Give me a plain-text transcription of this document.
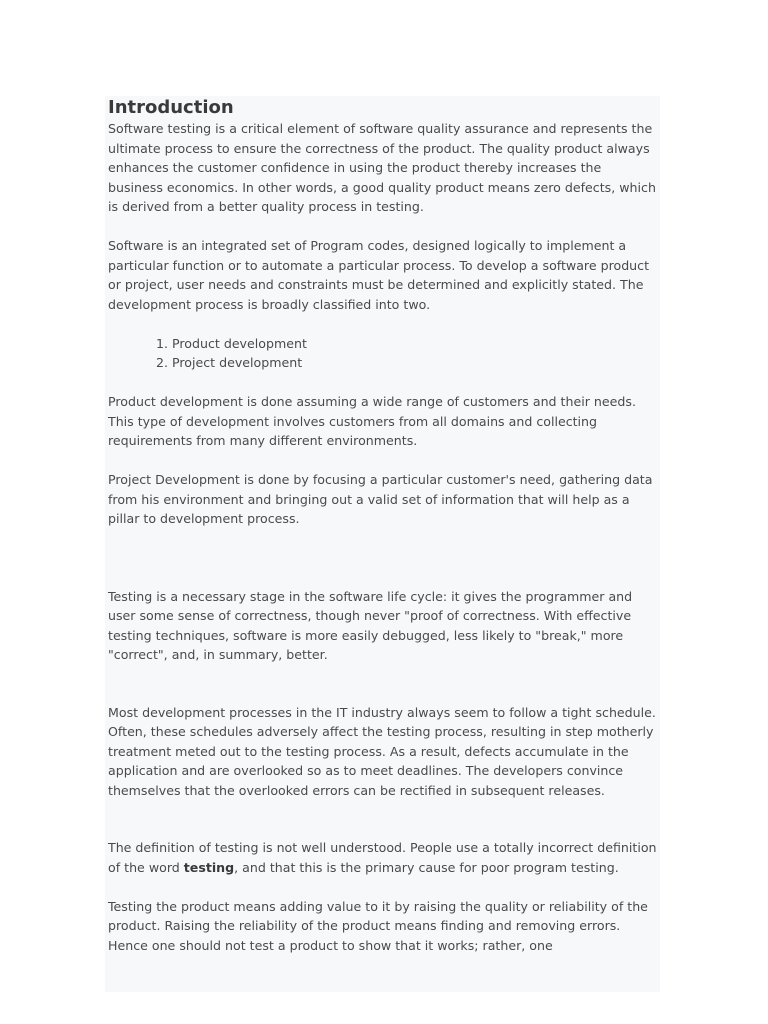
Introduction

Software testing is a critical element of software quality assurance and represents the ultimate process to ensure the correctness of the product. The quality product always enhances the customer confidence in using the product thereby increases the business economics. In other words, a good quality product means zero defects, which is derived from a better quality process in testing.

Software is an integrated set of Program codes, designed logically to implement a particular function or to automate a particular process. To develop a software product or project, user needs and constraints must be determined and explicitly stated. The development process is broadly classified into two.

1. Product development
2. Project development

Product development is done assuming a wide range of customers and their needs. This type of development involves customers from all domains and collecting requirements from many different environments.

Project Development is done by focusing a particular customer's need, gathering data from his environment and bringing out a valid set of information that will help as a pillar to development process.

Testing is a necessary stage in the software life cycle: it gives the programmer and user some sense of correctness, though never "proof of correctness. With effective testing techniques, software is more easily debugged, less likely to "break," more "correct", and, in summary, better.

Most development processes in the IT industry always seem to follow a tight schedule. Often, these schedules adversely affect the testing process, resulting in step motherly treatment meted out to the testing process. As a result, defects accumulate in the application and are overlooked so as to meet deadlines. The developers convince themselves that the overlooked errors can be rectified in subsequent releases.

The definition of testing is not well understood. People use a totally incorrect definition of the word testing, and that this is the primary cause for poor program testing.

Testing the product means adding value to it by raising the quality or reliability of the product. Raising the reliability of the product means finding and removing errors. Hence one should not test a product to show that it works; rather, one
